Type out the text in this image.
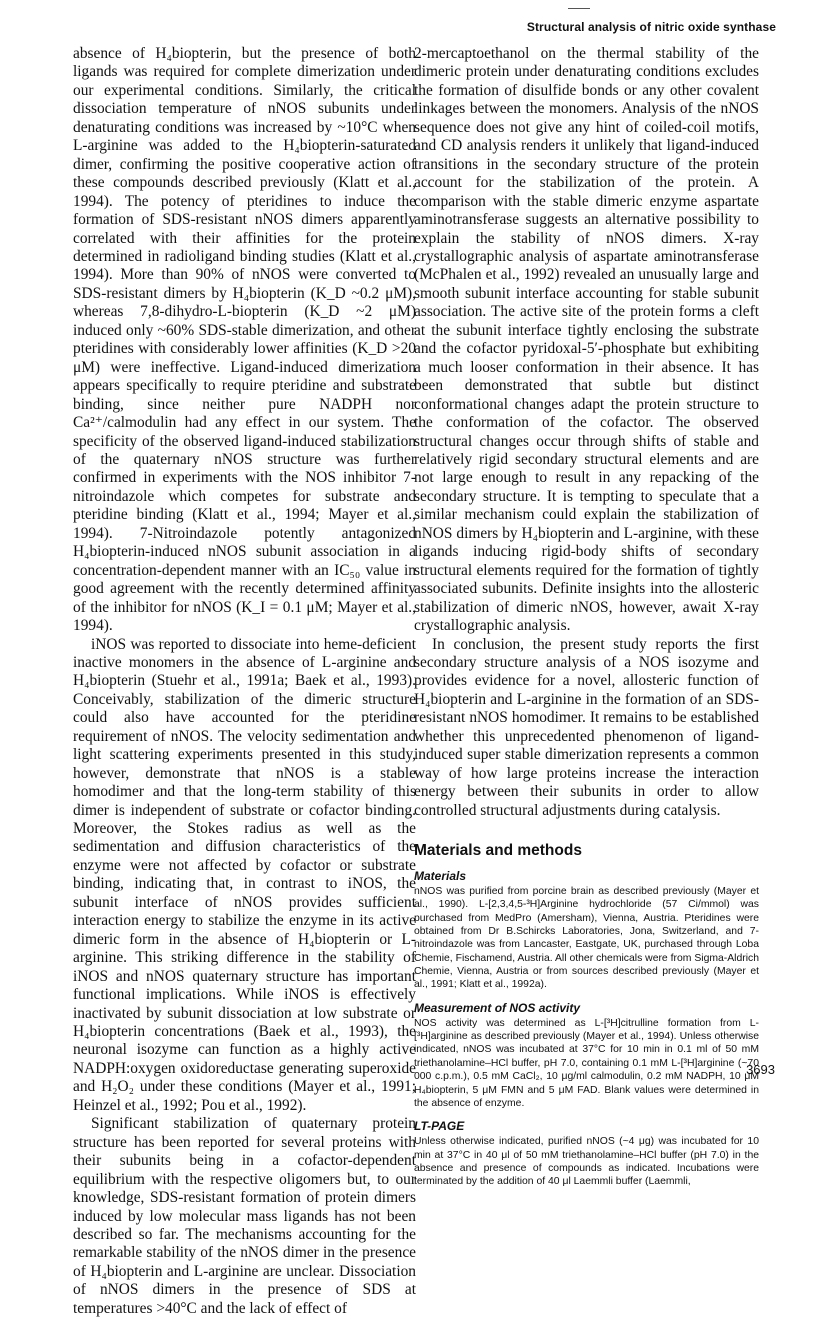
Structural analysis of nitric oxide synthase

absence of H₄biopterin, but the presence of both ligands was required for complete dimerization under our experimental conditions. Similarly, the critical dissociation temperature of nNOS subunits under denaturating conditions was increased by ~10°C when L-arginine was added to the H₄biopterin-saturated dimer, confirming the positive cooperative action of these compounds described previously (Klatt et al., 1994). The potency of pteridines to induce the formation of SDS-resistant nNOS dimers apparently correlated with their affinities for the protein determined in radioligand binding studies (Klatt et al., 1994). More than 90% of nNOS were converted to SDS-resistant dimers by H₄biopterin (K_D ~0.2 μM), whereas 7,8-dihydro-L-biopterin (K_D ~2 μM) induced only ~60% SDS-stable dimerization, and other pteridines with considerably lower affinities (K_D >20 μM) were ineffective. Ligand-induced dimerization appears specifically to require pteridine and substrate binding, since neither pure NADPH nor Ca²⁺/calmodulin had any effect in our system. The specificity of the observed ligand-induced stabilization of the quaternary nNOS structure was further confirmed in experiments with the NOS inhibitor 7-nitroindazole which competes for substrate and pteridine binding (Klatt et al., 1994; Mayer et al., 1994). 7-Nitroindazole potently antagonized H₄biopterin-induced nNOS subunit association in a concentration-dependent manner with an IC₅₀ value in good agreement with the recently determined affinity of the inhibitor for nNOS (K_I = 0.1 μM; Mayer et al., 1994).

iNOS was reported to dissociate into heme-deficient inactive monomers in the absence of L-arginine and H₄biopterin (Stuehr et al., 1991a; Baek et al., 1993). Conceivably, stabilization of the dimeric structure could also have accounted for the pteridine requirement of nNOS. The velocity sedimentation and light scattering experiments presented in this study, however, demonstrate that nNOS is a stable homodimer and that the long-term stability of this dimer is independent of substrate or cofactor binding. Moreover, the Stokes radius as well as the sedimentation and diffusion characteristics of the enzyme were not affected by cofactor or substrate binding, indicating that, in contrast to iNOS, the subunit interface of nNOS provides sufficient interaction energy to stabilize the enzyme in its active dimeric form in the absence of H₄biopterin or L-arginine. This striking difference in the stability of iNOS and nNOS quaternary structure has important functional implications. While iNOS is effectively inactivated by subunit dissociation at low substrate or H₄biopterin concentrations (Baek et al., 1993), the neuronal isozyme can function as a highly active NADPH:oxygen oxidoreductase generating superoxide and H₂O₂ under these conditions (Mayer et al., 1991; Heinzel et al., 1992; Pou et al., 1992).

Significant stabilization of quaternary protein structure has been reported for several proteins with their subunits being in a cofactor-dependent equilibrium with the respective oligomers but, to our knowledge, SDS-resistant formation of protein dimers induced by low molecular mass ligands has not been described so far. The mechanisms accounting for the remarkable stability of the nNOS dimer in the presence of H₄biopterin and L-arginine are unclear. Dissociation of nNOS dimers in the presence of SDS at temperatures >40°C and the lack of effect of

2-mercaptoethanol on the thermal stability of the dimeric protein under denaturating conditions excludes the formation of disulfide bonds or any other covalent linkages between the monomers. Analysis of the nNOS sequence does not give any hint of coiled-coil motifs, and CD analysis renders it unlikely that ligand-induced transitions in the secondary structure of the protein account for the stabilization of the protein. A comparison with the stable dimeric enzyme aspartate aminotransferase suggests an alternative possibility to explain the stability of nNOS dimers. X-ray crystallographic analysis of aspartate aminotransferase (McPhalen et al., 1992) revealed an unusually large and smooth subunit interface accounting for stable subunit association. The active site of the protein forms a cleft at the subunit interface tightly enclosing the substrate and the cofactor pyridoxal-5′-phosphate but exhibiting a much looser conformation in their absence. It has been demonstrated that subtle but distinct conformational changes adapt the protein structure to the conformation of the cofactor. The observed structural changes occur through shifts of stable and relatively rigid secondary structural elements and are not large enough to result in any repacking of the secondary structure. It is tempting to speculate that a similar mechanism could explain the stabilization of nNOS dimers by H₄biopterin and L-arginine, with these ligands inducing rigid-body shifts of secondary structural elements required for the formation of tightly associated subunits. Definite insights into the allosteric stabilization of dimeric nNOS, however, await X-ray crystallographic analysis.

In conclusion, the present study reports the first secondary structure analysis of a NOS isozyme and provides evidence for a novel, allosteric function of H₄biopterin and L-arginine in the formation of an SDS-resistant nNOS homodimer. It remains to be established whether this unprecedented phenomenon of ligand-induced super stable dimerization represents a common way of how large proteins increase the interaction energy between their subunits in order to allow controlled structural adjustments during catalysis.

Materials and methods
Materials

nNOS was purified from porcine brain as described previously (Mayer et al., 1990). L-[2,3,4,5-³H]Arginine hydrochloride (57 Ci/mmol) was purchased from MedPro (Amersham), Vienna, Austria. Pteridines were obtained from Dr B.Schircks Laboratories, Jona, Switzerland, and 7-nitroindazole was from Lancaster, Eastgate, UK, purchased through Loba Chemie, Fischamend, Austria. All other chemicals were from Sigma-Aldrich Chemie, Vienna, Austria or from sources described previously (Mayer et al., 1991; Klatt et al., 1992a).

Measurement of NOS activity

NOS activity was determined as L-[³H]citrulline formation from L-[³H]arginine as described previously (Mayer et al., 1994). Unless otherwise indicated, nNOS was incubated at 37°C for 10 min in 0.1 ml of 50 mM triethanolamine–HCl buffer, pH 7.0, containing 0.1 mM L-[³H]arginine (~70 000 c.p.m.), 0.5 mM CaCl₂, 10 μg/ml calmodulin, 0.2 mM NADPH, 10 μM H₄biopterin, 5 μM FMN and 5 μM FAD. Blank values were determined in the absence of enzyme.

LT-PAGE

Unless otherwise indicated, purified nNOS (~4 μg) was incubated for 10 min at 37°C in 40 μl of 50 mM triethanolamine–HCl buffer (pH 7.0) in the absence and presence of compounds as indicated. Incubations were terminated by the addition of 40 μl Laemmli buffer (Laemmli,

3693
